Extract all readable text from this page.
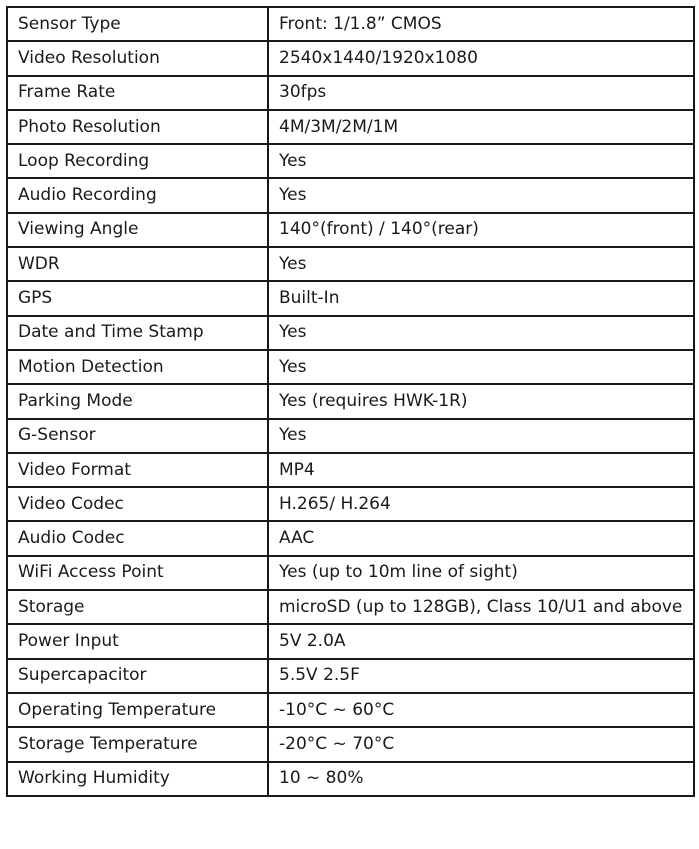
Sensor Type	Front: 1/1.8” CMOS
Video Resolution	2540x1440/1920x1080
Frame Rate	30fps
Photo Resolution	4M/3M/2M/1M
Loop Recording	Yes
Audio Recording	Yes
Viewing Angle	140°(front) / 140°(rear)
WDR	Yes
GPS	Built-In
Date and Time Stamp	Yes
Motion Detection	Yes
Parking Mode	Yes (requires HWK-1R)
G-Sensor	Yes
Video Format	MP4
Video Codec	H.265/ H.264
Audio Codec	AAC
WiFi Access Point	Yes (up to 10m line of sight)
Storage	microSD (up to 128GB), Class 10/U1 and above
Power Input	5V 2.0A
Supercapacitor	5.5V 2.5F
Operating Temperature	-10°C ~ 60°C
Storage Temperature	-20°C ~ 70°C
Working Humidity	10 ~ 80%
